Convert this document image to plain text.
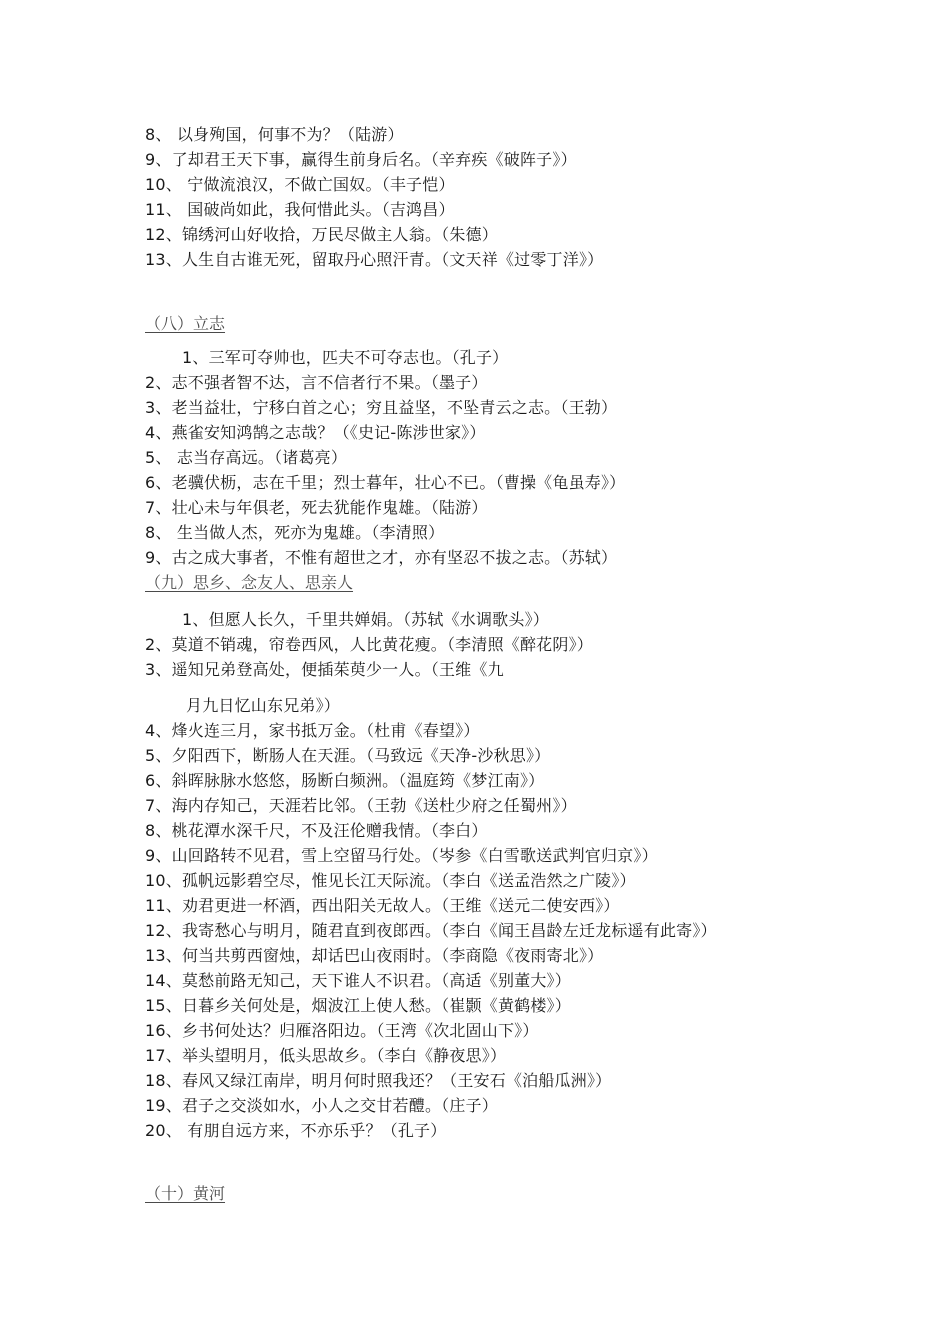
8、 以身殉国，何事不为？（陆游）
9、了却君王天下事，赢得生前身后名。（辛弃疾《破阵子》）
10、 宁做流浪汉，不做亡国奴。（丰子恺）
11、 国破尚如此，我何惜此头。（吉鸿昌）
12、锦绣河山好收拾，万民尽做主人翁。（朱德）
13、人生自古谁无死，留取丹心照汗青。（文天祥《过零丁洋》）
（八）立志
1、三军可夺帅也，匹夫不可夺志也。（孔子）
2、志不强者智不达，言不信者行不果。（墨子）
3、老当益壮，宁移白首之心；穷且益坚，不坠青云之志。（王勃）
4、燕雀安知鸿鹄之志哉？（《史记-陈涉世家》）
5、 志当存高远。（诸葛亮）
6、老骥伏枥，志在千里；烈士暮年，壮心不已。（曹操《龟虽寿》）
7、壮心未与年俱老，死去犹能作鬼雄。（陆游）
8、 生当做人杰，死亦为鬼雄。（李清照）
9、古之成大事者，不惟有超世之才，亦有坚忍不拔之志。（苏轼）
（九）思乡、念友人、思亲人
1、但愿人长久，千里共婵娟。（苏轼《水调歌头》）
2、莫道不销魂，帘卷西风，人比黄花瘦。（李清照《醉花阴》）
3、遥知兄弟登高处，便插茱萸少一人。（王维《九
月九日忆山东兄弟》）
4、烽火连三月，家书抵万金。（杜甫《春望》）
5、夕阳西下，断肠人在天涯。（马致远《天净-沙秋思》）
6、斜晖脉脉水悠悠，肠断白频洲。（温庭筠《梦江南》）
7、海内存知己，天涯若比邻。（王勃《送杜少府之任蜀州》）
8、桃花潭水深千尺，不及汪伦赠我情。（李白）
9、山回路转不见君，雪上空留马行处。（岑参《白雪歌送武判官归京》）
10、孤帆远影碧空尽，惟见长江天际流。（李白《送孟浩然之广陵》）
11、劝君更进一杯酒，西出阳关无故人。（王维《送元二使安西》）
12、我寄愁心与明月，随君直到夜郎西。（李白《闻王昌龄左迁龙标遥有此寄》）
13、何当共剪西窗烛，却话巴山夜雨时。（李商隐《夜雨寄北》）
14、莫愁前路无知己，天下谁人不识君。（高适《别董大》）
15、日暮乡关何处是，烟波江上使人愁。（崔颢《黄鹤楼》）
16、乡书何处达？归雁洛阳边。（王湾《次北固山下》）
17、举头望明月，低头思故乡。（李白《静夜思》）
18、春风又绿江南岸，明月何时照我还？（王安石《泊船瓜洲》）
19、君子之交淡如水，小人之交甘若醴。（庄子）
20、 有朋自远方来，不亦乐乎？（孔子）
（十）黄河
